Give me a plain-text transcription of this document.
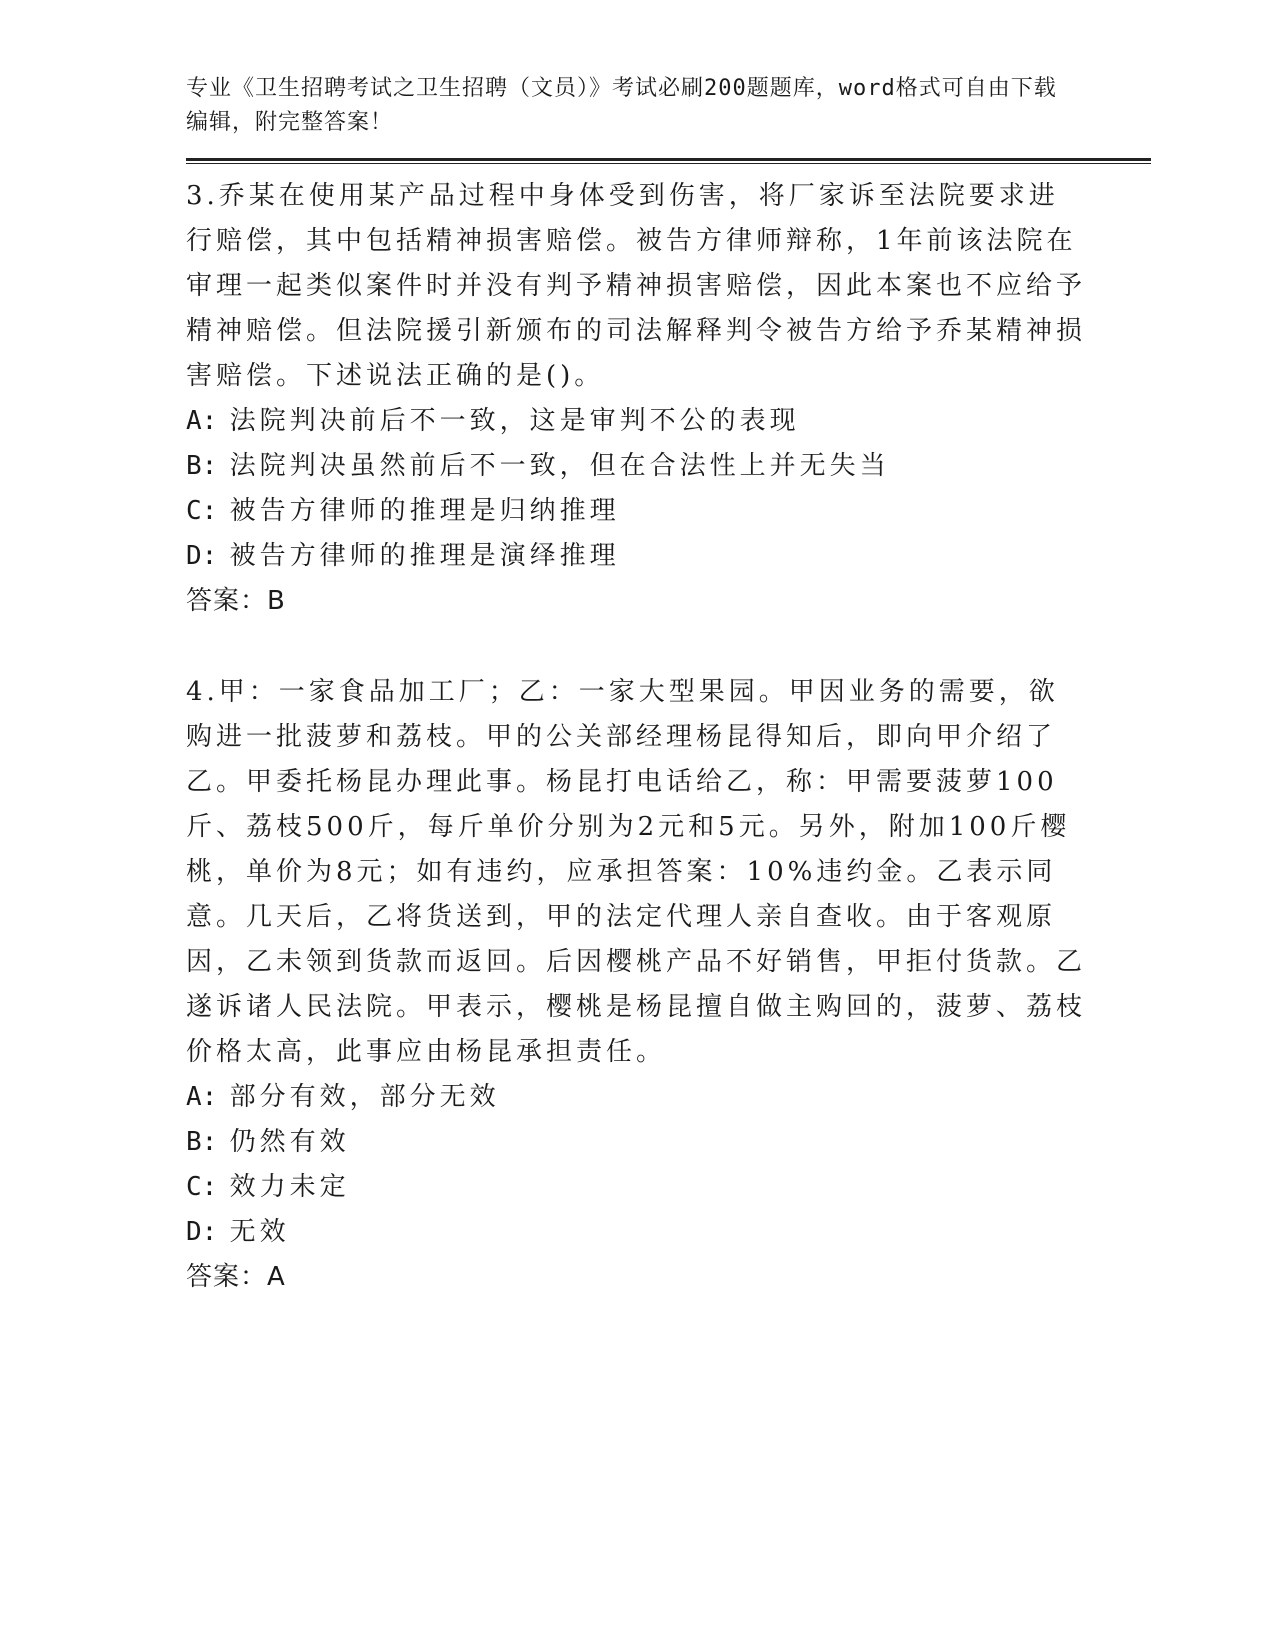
专业《卫生招聘考试之卫生招聘（文员）》考试必刷200题题库，word格式可自由下载编辑，附完整答案！

3.乔某在使用某产品过程中身体受到伤害，将厂家诉至法院要求进行赔偿，其中包括精神损害赔偿。被告方律师辩称，1年前该法院在审理一起类似案件时并没有判予精神损害赔偿，因此本案也不应给予精神赔偿。但法院援引新颁布的司法解释判令被告方给予乔某精神损害赔偿。下述说法正确的是()。

A: 法院判决前后不一致，这是审判不公的表现

B: 法院判决虽然前后不一致，但在合法性上并无失当

C: 被告方律师的推理是归纳推理

D: 被告方律师的推理是演绎推理

答案：B

4.甲：一家食品加工厂；乙：一家大型果园。甲因业务的需要，欲购进一批菠萝和荔枝。甲的公关部经理杨昆得知后，即向甲介绍了乙。甲委托杨昆办理此事。杨昆打电话给乙，称：甲需要菠萝100斤、荔枝500斤，每斤单价分别为2元和5元。另外，附加100斤樱桃，单价为8元；如有违约，应承担答案：10%违约金。乙表示同意。几天后，乙将货送到，甲的法定代理人亲自查收。由于客观原因，乙未领到货款而返回。后因樱桃产品不好销售，甲拒付货款。乙遂诉诸人民法院。甲表示，樱桃是杨昆擅自做主购回的，菠萝、荔枝价格太高，此事应由杨昆承担责任。

A: 部分有效，部分无效

B: 仍然有效

C: 效力未定

D: 无效

答案：A
